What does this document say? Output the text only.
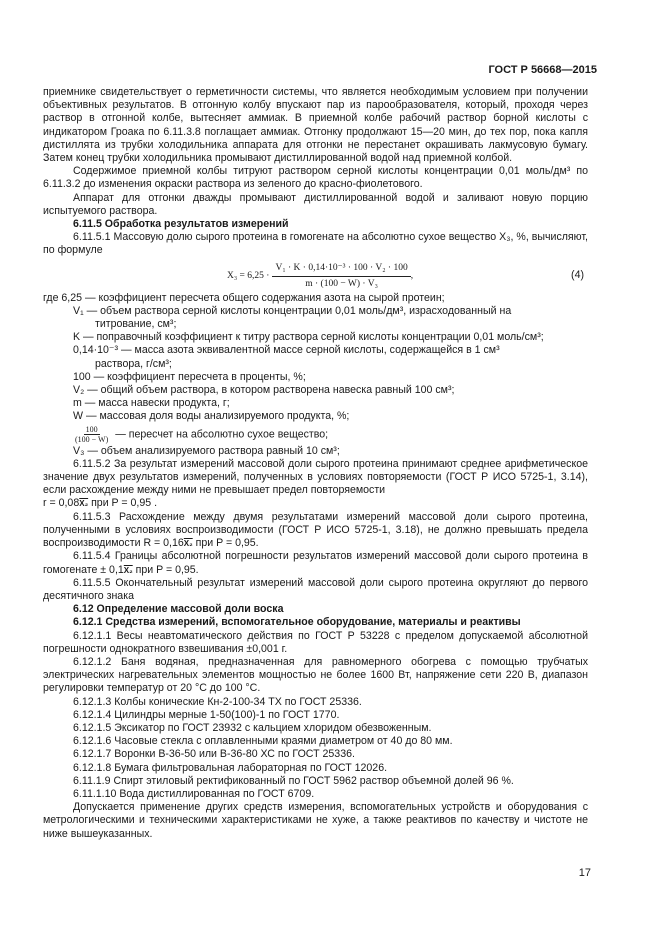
ГОСТ Р 56668—2015

приемнике свидетельствует о герметичности системы, что является необходимым условием при получении объективных результатов. В отгонную колбу впускают пар из парообразователя, который, проходя через раствор в отгонной колбе, вытесняет аммиак. В приемной колбе рабочий раствор борной кислоты с индикатором Гроака по 6.11.3.8 поглащает аммиак. Отгонку продолжают 15—20 мин, до тех пор, пока капля дистиллята из трубки холодильника аппарата для отгонки не перестанет окрашивать лакмусовую бумагу. Затем конец трубки холодильника промывают дистиллированной водой над приемной колбой.

Содержимое приемной колбы титруют раствором серной кислоты концентрации 0,01 моль/дм³ по 6.11.3.2 до изменения окраски раствора из зеленого до красно-фиолетового.

Аппарат для отгонки дважды промывают дистиллированной водой и заливают новую порцию испытуемого раствора.

6.11.5 Обработка результатов измерений

6.11.5.1 Массовую долю сырого протеина в гомогенате на абсолютно сухое вещество X₃, %, вычисляют, по формуле

$X_3 = 6,25 \cdot \frac{\text{V₁ · K · 0,14·10⁻³ · 100 · V₂ · 100}}{\text{m · (100 − W) · V₃}}$ ,	(4)

где 6,25 — коэффициент пересчета общего содержания азота на сырой протеин;

V₁ — объем раствора серной кислоты концентрации 0,01 моль/дм³, израсходованный на

титрование, см³;

K — поправочный коэффициент к титру раствора серной кислоты концентрации 0,01 моль/см³;

0,14·10⁻³ — масса азота эквивалентной массе серной кислоты, содержащейся в 1 см³

раствора, г/см³;

100 — коэффициент пересчета в проценты, %;

V₂ — общий объем раствора, в котором растворена навеска равный 100 см³;

m — масса навески продукта, г;

W — массовая доля воды анализируемого продукта, %;

$\frac{100}{(100 - W)}$ — пересчет на абсолютно сухое вещество;

V₃ — объем анализируемого раствора равный 10 см³;

6.11.5.2 За результат измерений массовой доли сырого протеина принимают среднее арифметическое значение двух результатов измерений, полученных в условиях повторяемости (ГОСТ Р ИСО 5725-1, 3.14), если расхождение между ними не превышает предел повторяемости
r = 0,08X₂ при P = 0,95 .

6.11.5.3 Расхождение между двумя результатами измерений массовой доли сырого протеина, полученными в условиях воспроизводимости (ГОСТ Р ИСО 5725-1, 3.18), не должно превышать предела воспроизводимости R = 0,16X₂ при P = 0,95.

6.11.5.4 Границы абсолютной погрешности результатов измерений массовой доли сырого протеина в гомогенате ± 0,1X₂ при P = 0,95.

6.11.5.5 Окончательный результат измерений массовой доли сырого протеина округляют до первого десятичного знака

6.12 Определение массовой доли воска

6.12.1 Средства измерений, вспомогательное оборудование, материалы и реактивы

6.12.1.1 Весы неавтоматического действия по ГОСТ Р 53228 с пределом допускаемой абсолютной погрешности однократного взвешивания ±0,001 г.

6.12.1.2 Баня водяная, предназначенная для равномерного обогрева с помощью трубчатых электрических нагревательных элементов мощностью не более 1600 Вт, напряжение сети 220 В, диапазон регулировки температур от 20 °С до 100 °С.

6.12.1.3 Колбы конические Кн-2-100-34 ТХ по ГОСТ 25336.

6.12.1.4 Цилиндры мерные 1-50(100)-1 по ГОСТ 1770.

6.12.1.5 Эксикатор по ГОСТ 23932 с кальцием хлоридом обезвоженным.

6.12.1.6 Часовые стекла с оплавленными краями диаметром от 40 до 80 мм.

6.12.1.7 Воронки В-36-50 или В-36-80 ХС по ГОСТ 25336.

6.12.1.8 Бумага фильтровальная лабораторная по ГОСТ 12026.

6.11.1.9 Спирт этиловый ректификованный по ГОСТ 5962 раствор объемной долей 96 %.

6.11.1.10 Вода дистиллированная по ГОСТ 6709.

Допускается применение других средств измерения, вспомогательных устройств и оборудования с метрологическими и техническими характеристиками не хуже, а также реактивов по качеству и чистоте не ниже вышеуказанных.

17
